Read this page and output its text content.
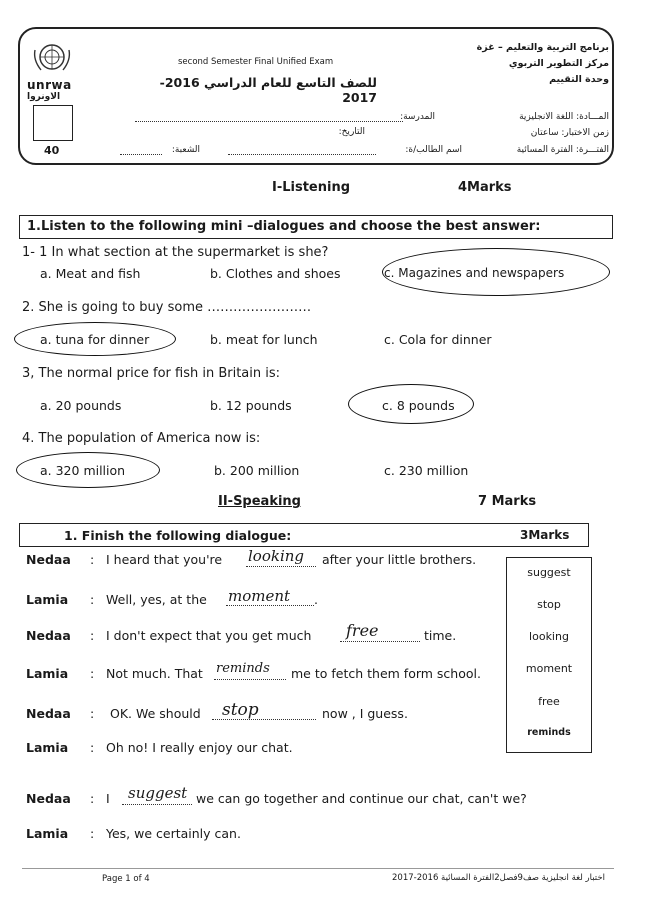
unrwa
الاونروا
40
second Semester Final Unified Exam
للصف التاسع للعام الدراسي 2016-2017
برنامج التربية والتعليم – غزة
مركز التطوير التربوي
وحدة التقييم
المـــادة: اللغة الانجليزية
المدرسة:
زمن الاختبار: ساعتان
التاريخ:
الفتـــرة: الفترة المسائية
اسم الطالب/ة:
الشعبة:
I-Listening	4Marks
1.Listen to the following mini –dialogues and choose the best answer:
1- 1 In what section at the supermarket is she?
a. Meat and fish	b. Clothes and shoes	c. Magazines and newspapers
2. She is going to buy some ……………………
a. tuna for dinner	b. meat for lunch	c. Cola for dinner
3, The normal price for fish in Britain is:
a. 20 pounds	b. 12 pounds	c. 8 pounds
4. The population of America now is:
a. 320 million	b. 200 million	c. 230 million
II-Speaking	7 Marks
1. Finish the following dialogue:	3Marks
suggest
stop
looking
moment
free
reminds
Nedaa : I heard that you're looking after your little brothers.
Lamia : Well, yes, at the moment .
Nedaa : I don't expect that you get much free	time.
Lamia : Not much. That reminds me to fetch them form school.
Nedaa : OK. We should stop	now , I guess.
Lamia : Oh no! I really enjoy our chat.
Nedaa : I suggest we can go together and continue our chat, can't we?
Lamia : Yes, we certainly can.
Page 1 of 4	اختبار لغة انجليزية صف9فصل2الفترة المسائية 2016-2017
